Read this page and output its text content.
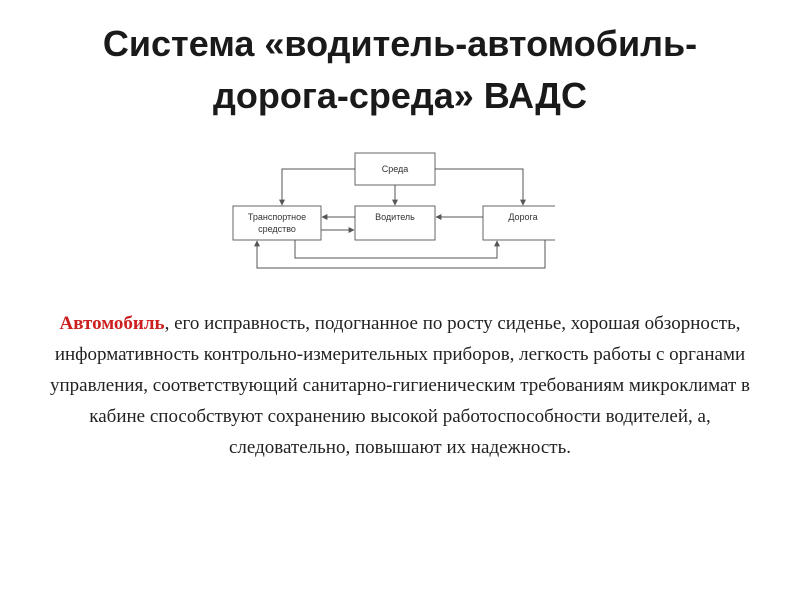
Система «водитель-автомобиль-
дорога-среда» ВАДС
Среда
Транспортное
средство
Водитель	Дорога
Автомобиль, его исправность, подогнанное по росту сиденье, хорошая обзорность, информативность контрольно-измерительных приборов, легкость работы с органами управления, соответствующий санитарно-гигиеническим требованиям микроклимат в кабине способствуют сохранению высокой работоспособности водителей, а, следовательно, повышают их надежность.
